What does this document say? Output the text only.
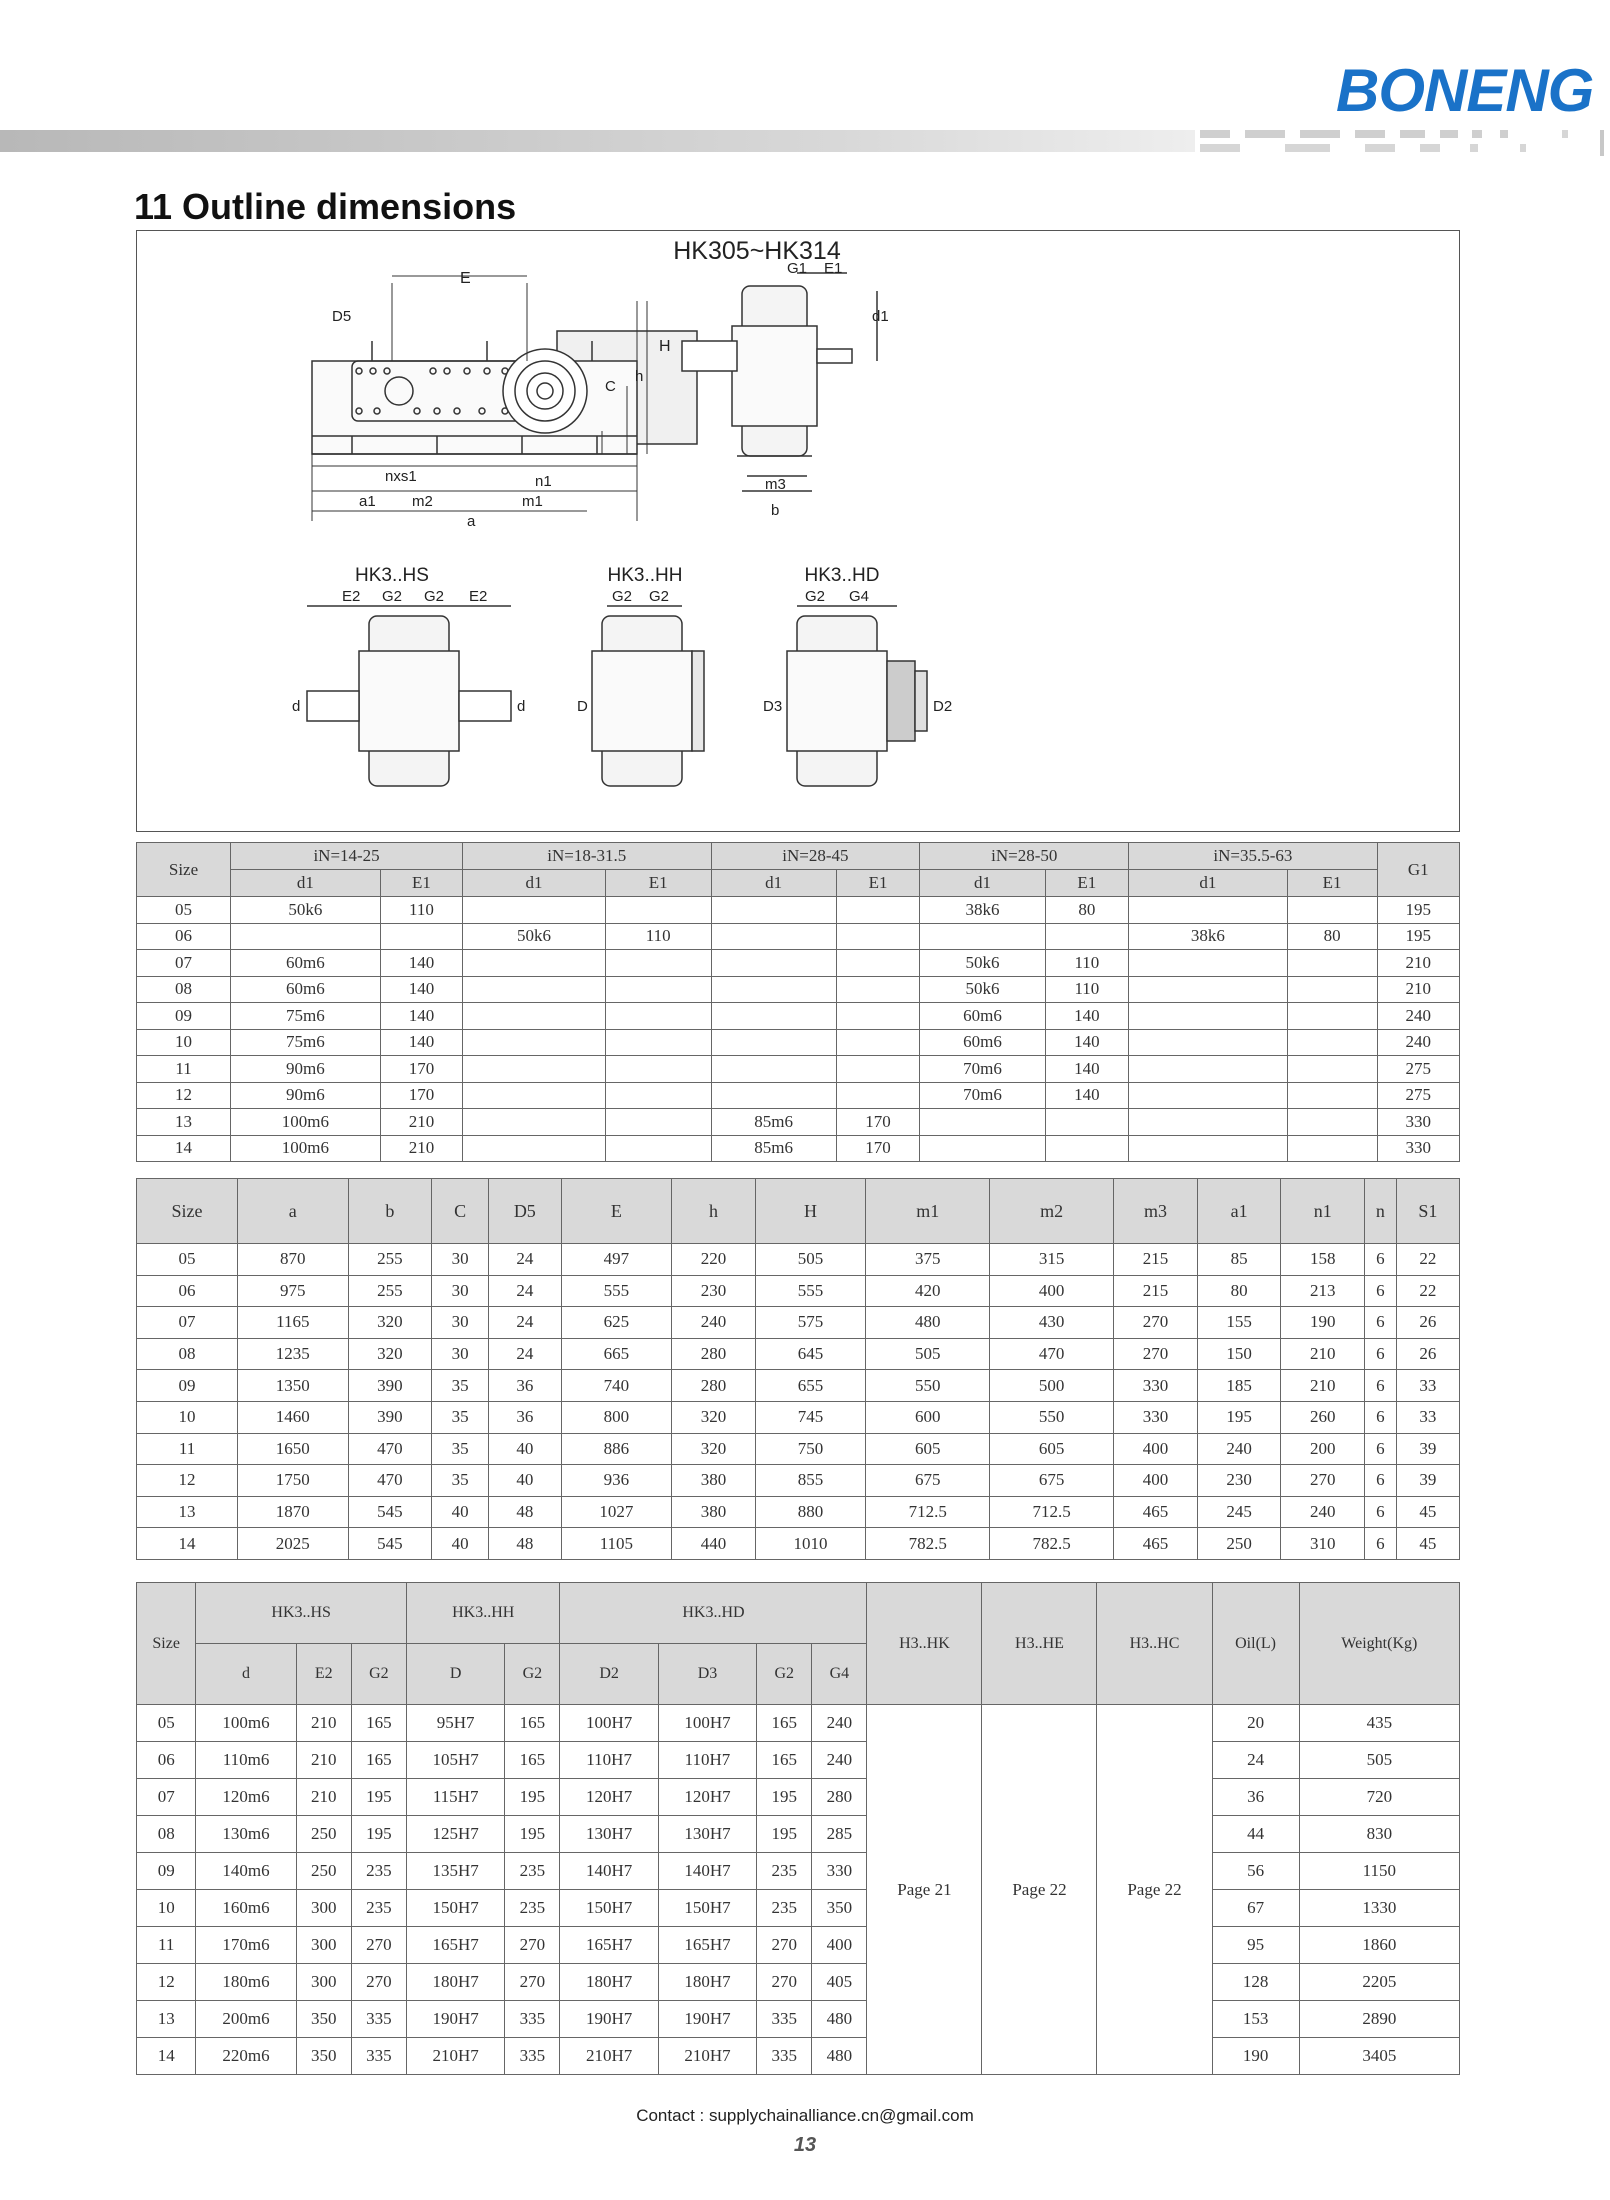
BONENG
11 Outline dimensions
HK305~HK314
E
D5
H
h
C
nxs1	n1
a1 m2	m1
a
G1 E1
d1
m3
b
HK3..HS
E2 G2 G2 E2
d	d
HK3..HH
G2 G2
D
HK3..HD
G2 G4
D3	D2
Size	iN=14-25		iN=18-31.5		iN=28-45		iN=28-50		iN=35.5-63		G1
	d1	E1	d1	E1	d1	E1	d1	E1	d1	E1	
05	50k6	110					38k6	80			195
06			50k6	110					38k6	80	195
07	60m6	140					50k6	110			210
08	60m6	140					50k6	110			210
09	75m6	140					60m6	140			240
10	75m6	140					60m6	140			240
11	90m6	170					70m6	140			275
12	90m6	170					70m6	140			275
13	100m6	210			85m6	170					330
14	100m6	210			85m6	170					330
Size	a	b	C	D5	E	h	H	m1	m2	m3	a1	n1	n	S1
05	870	255	30	24	497	220	505	375	315	215	85	158	6	22
06	975	255	30	24	555	230	555	420	400	215	80	213	6	22
07	1165	320	30	24	625	240	575	480	430	270	155	190	6	26
08	1235	320	30	24	665	280	645	505	470	270	150	210	6	26
09	1350	390	35	36	740	280	655	550	500	330	185	210	6	33
10	1460	390	35	36	800	320	745	600	550	330	195	260	6	33
11	1650	470	35	40	886	320	750	605	605	400	240	200	6	39
12	1750	470	35	40	936	380	855	675	675	400	230	270	6	39
13	1870	545	40	48	1027	380	880	712.5	712.5	465	245	240	6	45
14	2025	545	40	48	1105	440	1010	782.5	782.5	465	250	310	6	45
Size	HK3..HS			HK3..HH		HK3..HD				H3..HK	H3..HE	H3..HC	Oil(L)	Weight(Kg)
	d	E2	G2	D	G2	D2	D3	G2	G4					
05	100m6	210	165	95H7	165	100H7	100H7	165	240	Page 21	Page 22	Page 22	20	435
06	110m6	210	165	105H7	165	110H7	110H7	165	240				24	505
07	120m6	210	195	115H7	195	120H7	120H7	195	280				36	720
08	130m6	250	195	125H7	195	130H7	130H7	195	285				44	830
09	140m6	250	235	135H7	235	140H7	140H7	235	330				56	1150
10	160m6	300	235	150H7	235	150H7	150H7	235	350				67	1330
11	170m6	300	270	165H7	270	165H7	165H7	270	400				95	1860
12	180m6	300	270	180H7	270	180H7	180H7	270	405				128	2205
13	200m6	350	335	190H7	335	190H7	190H7	335	480				153	2890
14	220m6	350	335	210H7	335	210H7	210H7	335	480				190	3405
Contact : supplychainalliance.cn@gmail.com
13
